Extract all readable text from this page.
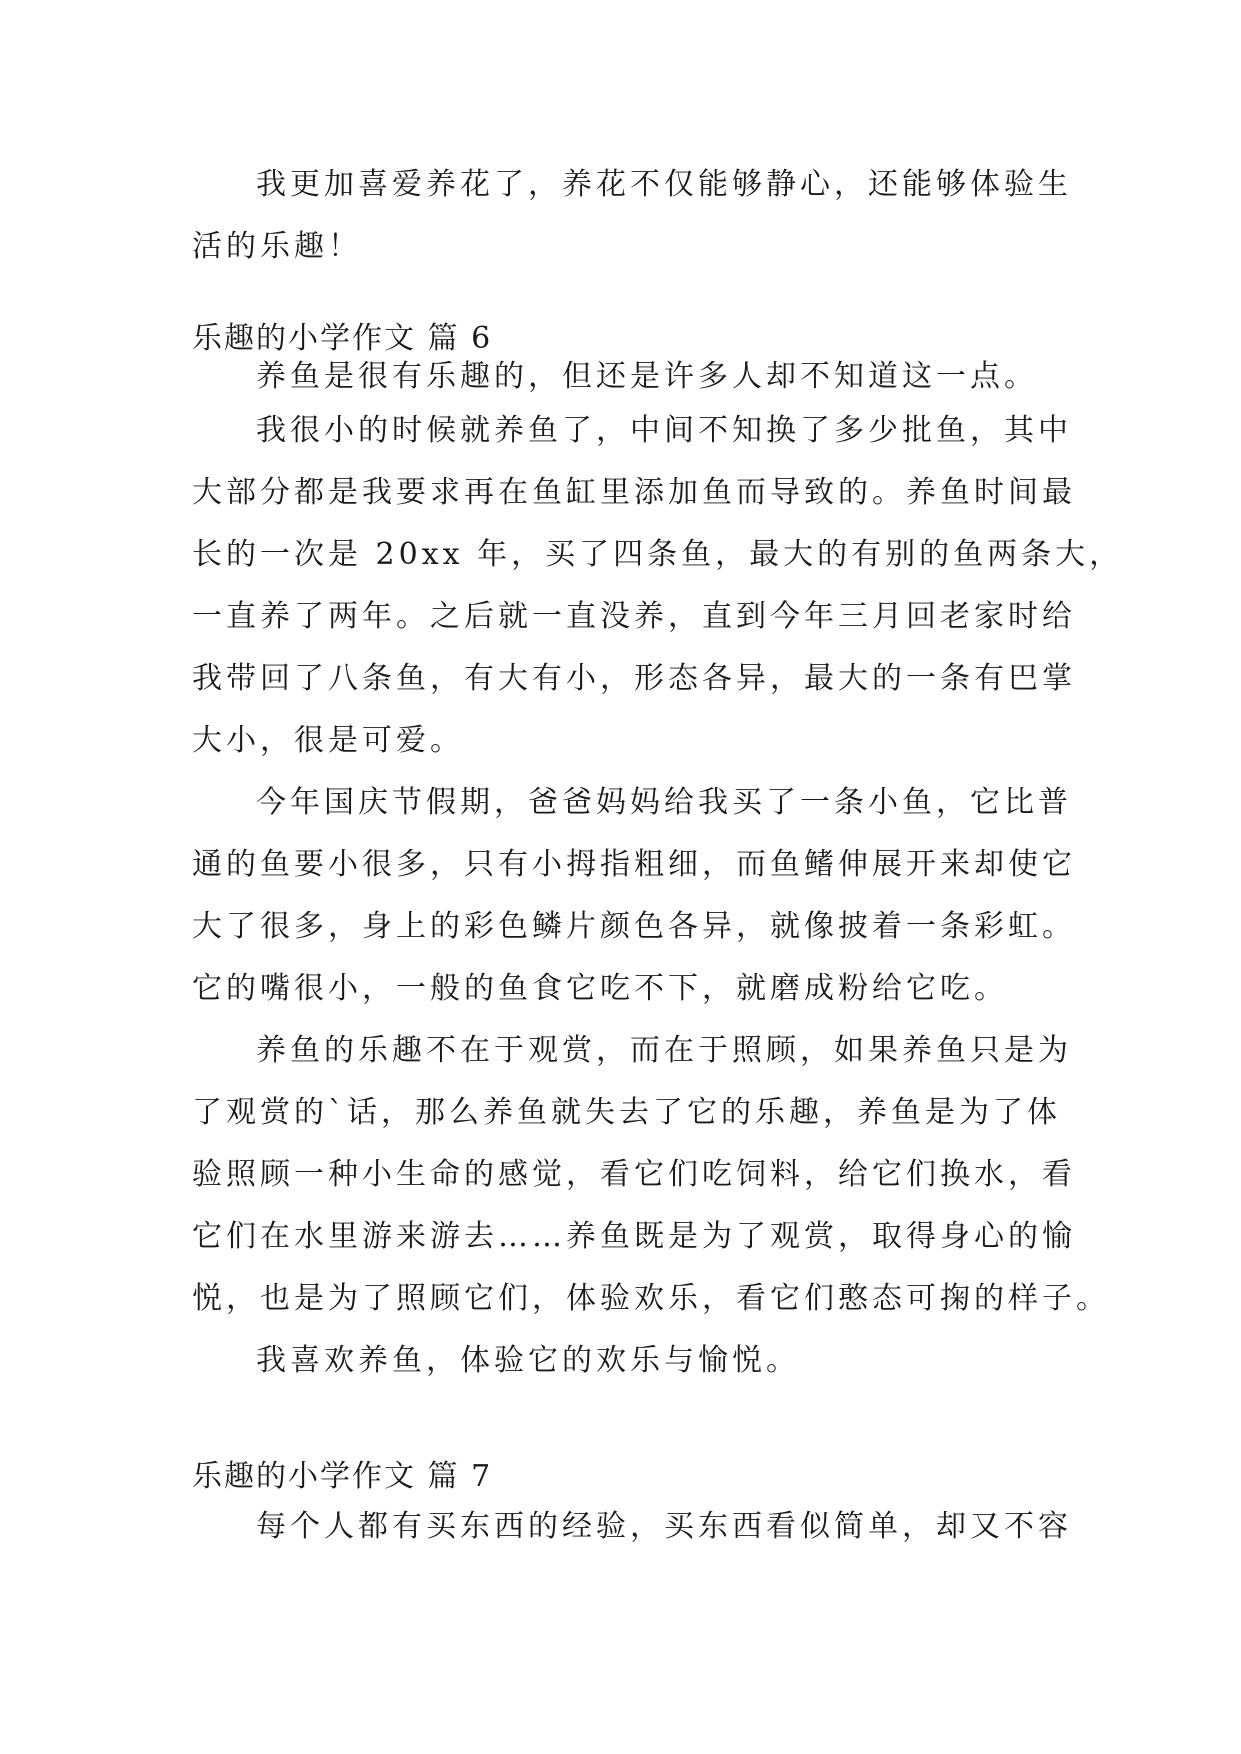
我更加喜爱养花了，养花不仅能够静心，还能够体验生
活的乐趣！
乐趣的小学作文 篇 6
养鱼是很有乐趣的，但还是许多人却不知道这一点。
我很小的时候就养鱼了，中间不知换了多少批鱼，其中
大部分都是我要求再在鱼缸里添加鱼而导致的。养鱼时间最
长的一次是 20xx 年，买了四条鱼，最大的有别的鱼两条大，
一直养了两年。之后就一直没养，直到今年三月回老家时给
我带回了八条鱼，有大有小，形态各异，最大的一条有巴掌
大小，很是可爱。
今年国庆节假期，爸爸妈妈给我买了一条小鱼，它比普
通的鱼要小很多，只有小拇指粗细，而鱼鳍伸展开来却使它
大了很多，身上的彩色鳞片颜色各异，就像披着一条彩虹。
它的嘴很小，一般的鱼食它吃不下，就磨成粉给它吃。
养鱼的乐趣不在于观赏，而在于照顾，如果养鱼只是为
了观赏的`话，那么养鱼就失去了它的乐趣，养鱼是为了体
验照顾一种小生命的感觉，看它们吃饲料，给它们换水，看
它们在水里游来游去……养鱼既是为了观赏，取得身心的愉
悦，也是为了照顾它们，体验欢乐，看它们憨态可掬的样子。
我喜欢养鱼，体验它的欢乐与愉悦。
乐趣的小学作文 篇 7
每个人都有买东西的经验，买东西看似简单，却又不容
